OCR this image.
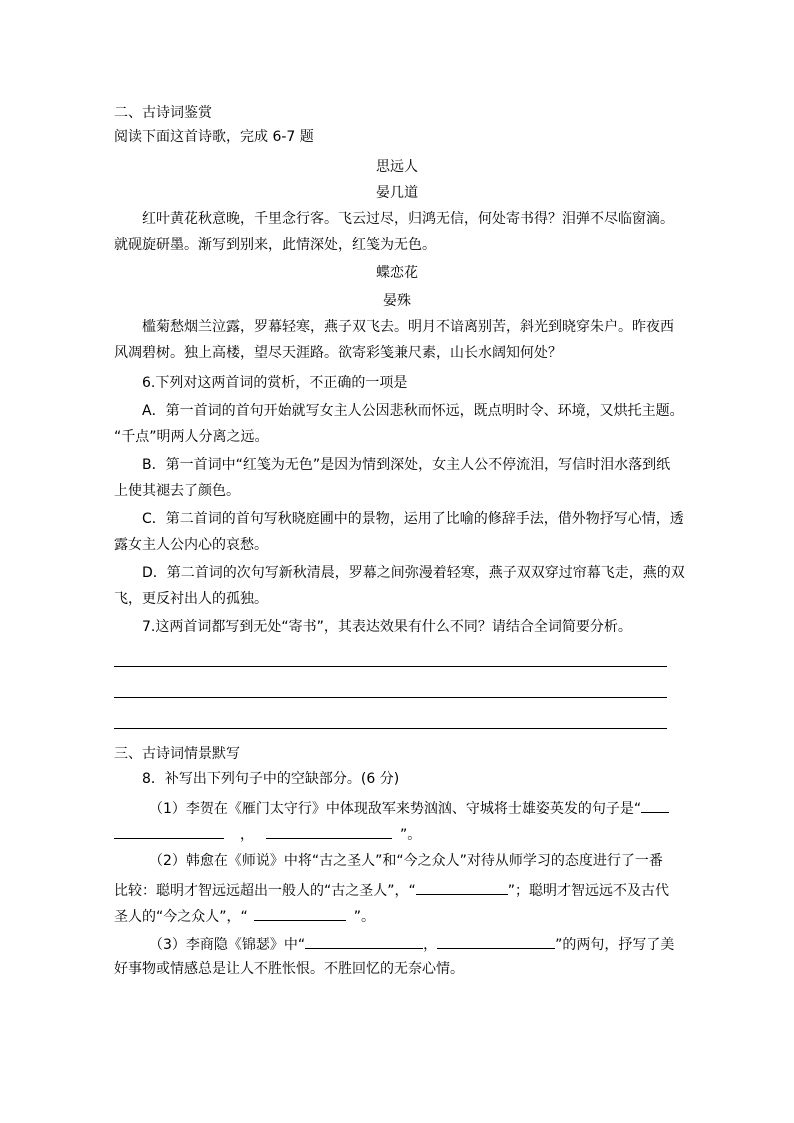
二、古诗词鉴赏
阅读下面这首诗歌，完成 6-7 题
思远人
晏几道
红叶黄花秋意晚，千里念行客。飞云过尽，归鸿无信，何处寄书得？泪弹不尽临窗滴。
就砚旋研墨。渐写到别来，此情深处，红笺为无色。
蝶恋花
晏殊
槛菊愁烟兰泣露，罗幕轻寒，燕子双飞去。明月不谙离别苦，斜光到晓穿朱户。昨夜西
风凋碧树。独上高楼，望尽天涯路。欲寄彩笺兼尺素，山长水阔知何处？
6.下列对这两首词的赏析，不正确的一项是
A．第一首词的首句开始就写女主人公因悲秋而怀远，既点明时令、环境，又烘托主题。
“千点”明两人分离之远。
B．第一首词中“红笺为无色”是因为情到深处，女主人公不停流泪，写信时泪水落到纸
上使其褪去了颜色。
C．第二首词的首句写秋晓庭圃中的景物，运用了比喻的修辞手法，借外物抒写心情，透
露女主人公内心的哀愁。
D．第二首词的次句写新秋清晨，罗幕之间弥漫着轻寒，燕子双双穿过帘幕飞走，燕的双
飞，更反衬出人的孤独。
7.这两首词都写到无处“寄书”，其表达效果有什么不同？请结合全词简要分析。
三、古诗词情景默写
8．补写出下列句子中的空缺部分。(6 分)
（1）李贺在《雁门太守行》中体现敌军来势汹汹、守城将士雄姿英发的句子是“
，	”。
（2）韩愈在《师说》中将“古之圣人”和“今之众人”对待从师学习的态度进行了一番
比较：聪明才智远远超出一般人的“古之圣人”，“	”；聪明才智远远不及古代
圣人的“今之众人”，“	”。
（3）李商隐《锦瑟》中“	，	”的两句，抒写了美
好事物或情感总是让人不胜怅恨。不胜回忆的无奈心情。
